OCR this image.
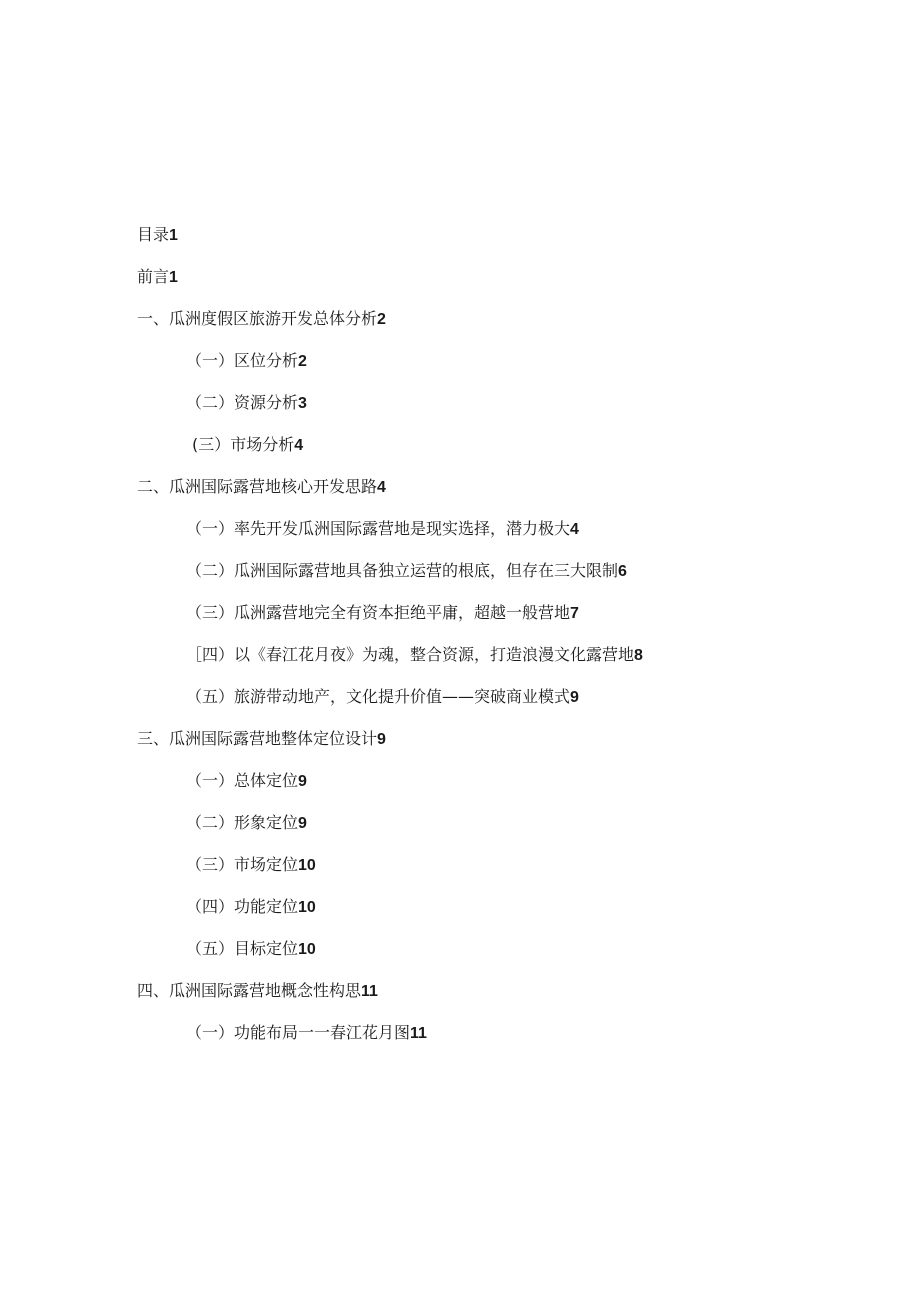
目录1
前言1
一、瓜洲度假区旅游开发总体分析2
（一）区位分析2
（二）资源分析3
(三）市场分析4
二、瓜洲国际露营地核心开发思路4
（一）率先开发瓜洲国际露营地是现实选择，潜力极大4
（二）瓜洲国际露营地具备独立运营的根底，但存在三大限制6
（三）瓜洲露营地完全有资本拒绝平庸，超越一般营地7
［四）以《春江花月夜》为魂，整合资源，打造浪漫文化露营地8
（五）旅游带动地产，文化提升价值——突破商业模式9
三、瓜洲国际露营地整体定位设计9
（一）总体定位9
（二）形象定位9
（三）市场定位10
（四）功能定位10
（五）目标定位10
四、瓜洲国际露营地概念性构思11
（一）功能布局一一春江花月图11
